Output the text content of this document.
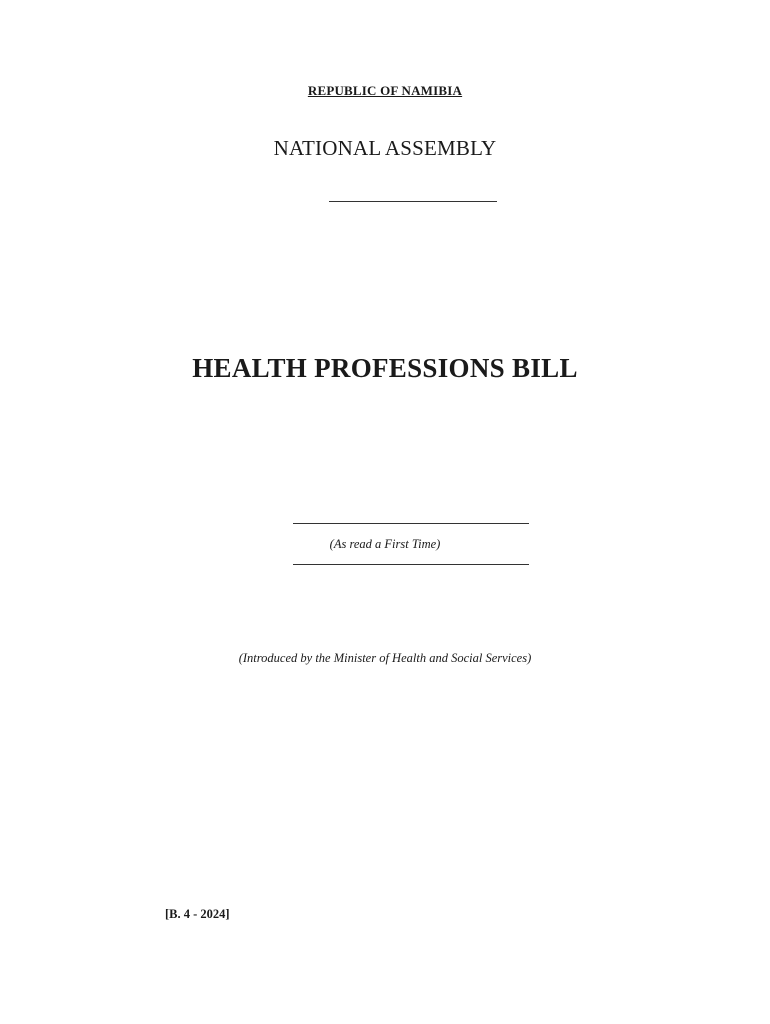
REPUBLIC OF NAMIBIA
NATIONAL ASSEMBLY
HEALTH PROFESSIONS BILL
(As read a First Time)
(Introduced by the Minister of Health and Social Services)
[B. 4 - 2024]
